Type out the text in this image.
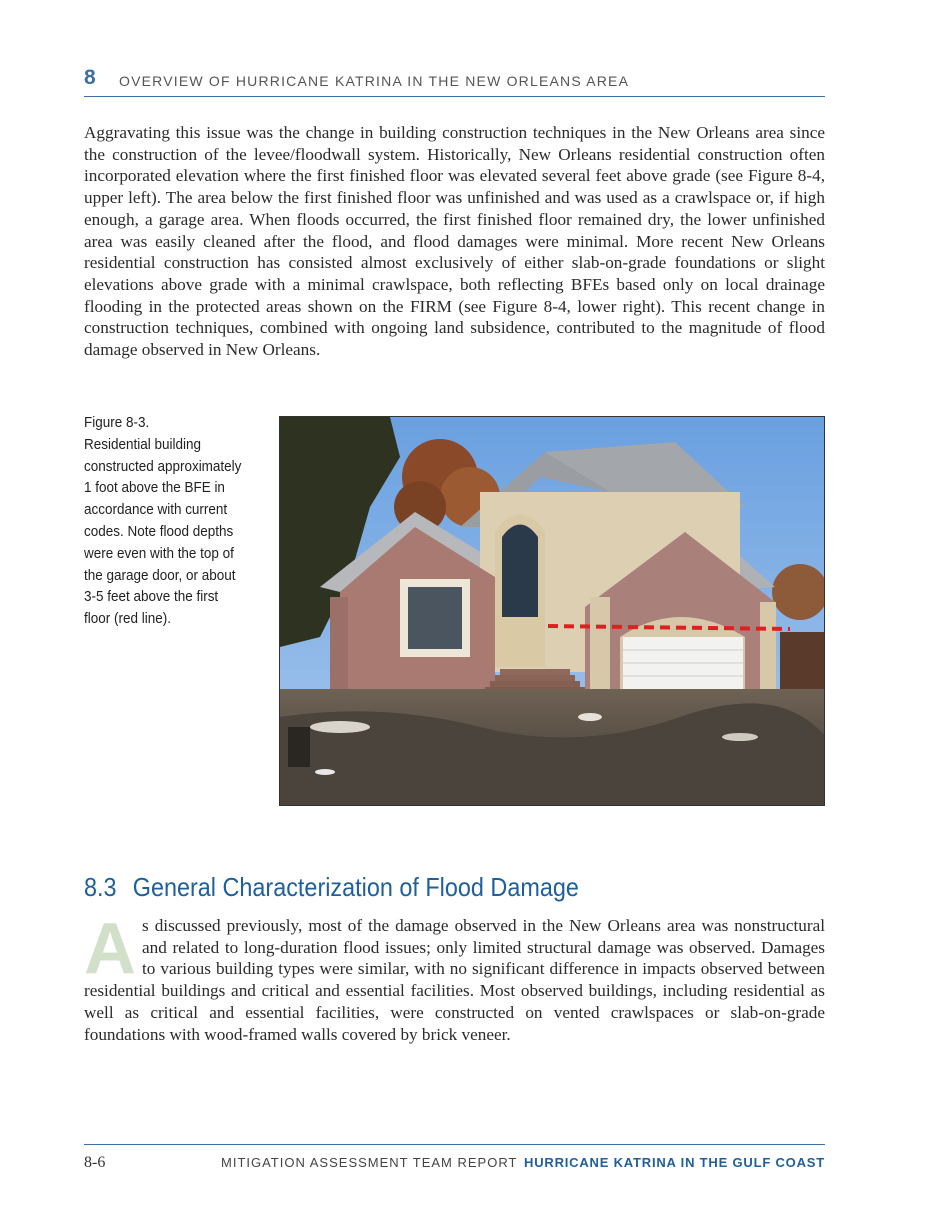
8 OVERVIEW OF HURRICANE KATRINA IN THE NEW ORLEANS AREA

Aggravating this issue was the change in building construction techniques in the New Orleans area since the construction of the levee/floodwall system. Historically, New Orleans residential construction often incorporated elevation where the first finished floor was elevated several feet above grade (see Figure 8-4, upper left). The area below the first finished floor was unfinished and was used as a crawlspace or, if high enough, a garage area. When floods occurred, the first finished floor remained dry, the lower unfinished area was easily cleaned after the flood, and flood damages were minimal. More recent New Orleans residential construction has consisted almost exclusively of either slab-on-grade foundations or slight elevations above grade with a minimal crawlspace, both reflecting BFEs based only on local drainage flooding in the protected areas shown on the FIRM (see Figure 8-4, lower right). This recent change in construction techniques, combined with ongoing land subsidence, contributed to the magnitude of flood damage observed in New Orleans.

Figure 8-3.
Residential building constructed approximately 1 foot above the BFE in accordance with current codes. Note flood depths were even with the top of the garage door, or about 3-5 feet above the first floor (red line).
8.3 General Characterization of Flood Damage
As discussed previously, most of the damage observed in the New Orleans area was nonstructural and related to long-duration flood issues; only limited structural damage was observed. Damages to various building types were similar, with no significant difference in impacts observed between residential buildings and critical and essential facilities. Most observed buildings, including residential as well as critical and essential facilities, were constructed on vented crawlspaces or slab-on-grade foundations with wood-framed walls covered by brick veneer.
8-6	MITIGATION ASSESSMENT TEAM REPORT HURRICANE KATRINA IN THE GULF COAST
